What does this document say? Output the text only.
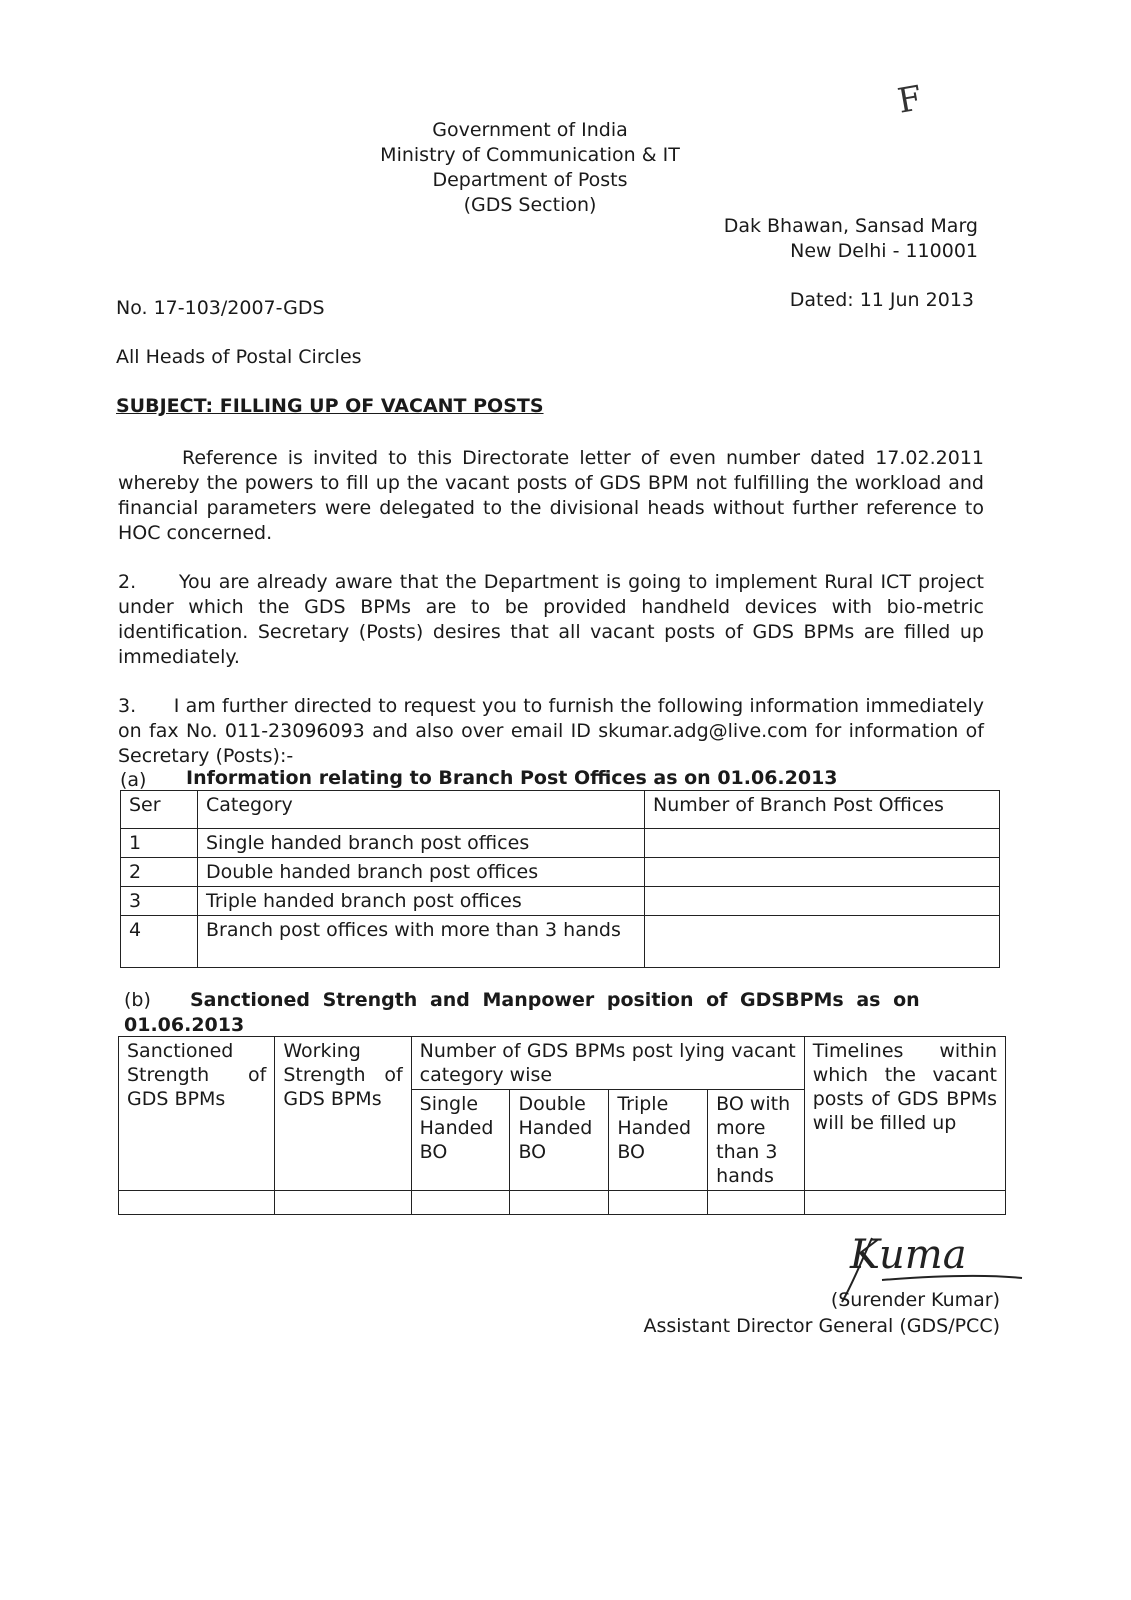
F
Government of India
Ministry of Communication & IT
Department of Posts
(GDS Section)
Dak Bhawan, Sansad Marg
New Delhi - 110001
No. 17-103/2007-GDS	Dated: 11 Jun 2013
All Heads of Postal Circles
SUBJECT: FILLING UP OF VACANT POSTS
Reference is invited to this Directorate letter of even number dated 17.02.2011 whereby the powers to fill up the vacant posts of GDS BPM not fulfilling the workload and financial parameters were delegated to the divisional heads without further reference to HOC concerned.
2.      You are already aware that the Department is going to implement Rural ICT project under which the GDS BPMs are to be provided handheld devices with bio-metric identification. Secretary (Posts) desires that all vacant posts of GDS BPMs are filled up immediately.
3.      I am further directed to request you to furnish the following information immediately on fax No. 011-23096093 and also over email ID skumar.adg@live.com for information of Secretary (Posts):-
(a) Information relating to Branch Post Offices as on 01.06.2013
Ser	Category	Number of Branch Post Offices
1	Single handed branch post offices	
2	Double handed branch post offices	
3	Triple handed branch post offices	
4	Branch post offices with more than 3 hands	
(b)	Sanctioned Strength and Manpower position of GDSBPMs as on 01.06.2013
Sanctioned Strength of GDS BPMs	Working Strength of GDS BPMs	Number of GDS BPMs post lying vacant category wise				Timelines within which the vacant posts of GDS BPMs will be filled up
		Single Handed BO	Double Handed BO	Triple Handed BO	BO with more than 3 hands	

Kuma
(Surender Kumar)
Assistant Director General (GDS/PCC)
